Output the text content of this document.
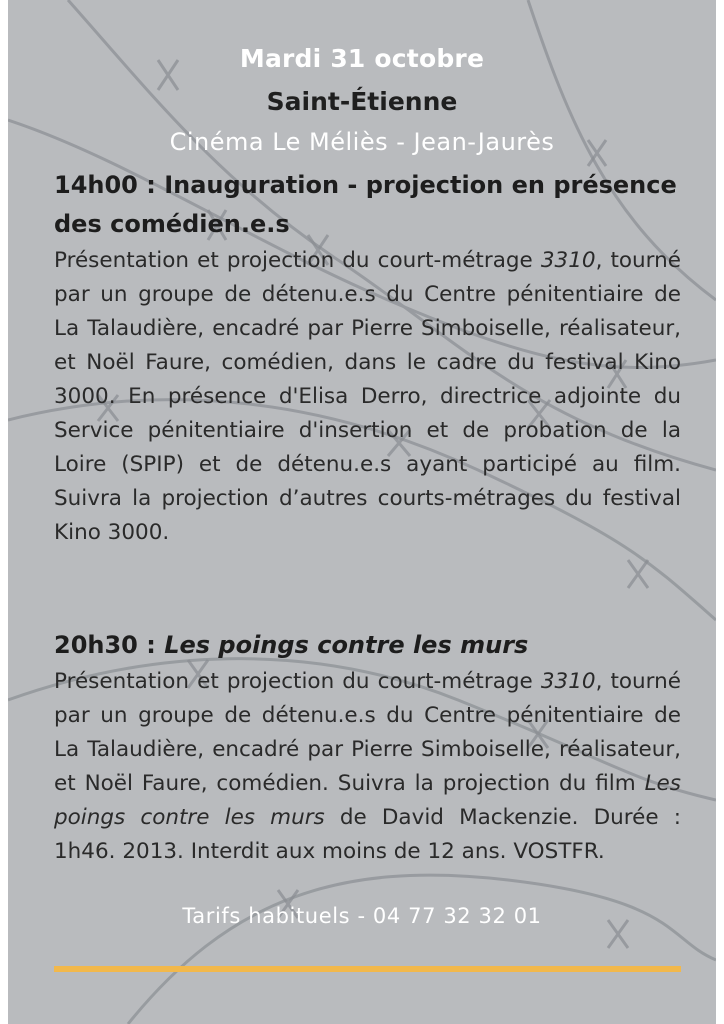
Mardi 31 octobre

Saint-Étienne

Cinéma Le Méliès - Jean-Jaurès

14h00 : Inauguration - projection en présence des comédien.e.s

Présentation et projection du court-métrage 3310, tourné par un groupe de détenu.e.s du Centre pénitentiaire de La Talaudière, encadré par Pierre Simboiselle, réalisateur, et Noël Faure, comédien, dans le cadre du festival Kino 3000. En présence d'Elisa Derro, directrice adjointe du Service pénitentiaire d'insertion et de probation de la Loire (SPIP) et de détenu.e.s ayant participé au film. Suivra la projection d’autres courts-métrages du festival Kino 3000.

20h30 : Les poings contre les murs

Présentation et projection du court-métrage 3310, tourné par un groupe de détenu.e.s du Centre pénitentiaire de La Talaudière, encadré par Pierre Simboiselle, réalisateur, et Noël Faure, comédien. Suivra la projection du film Les poings contre les murs de David Mackenzie. Durée : 1h46. 2013. Interdit aux moins de 12 ans. VOSTFR.

Tarifs habituels - 04 77 32 32 01
